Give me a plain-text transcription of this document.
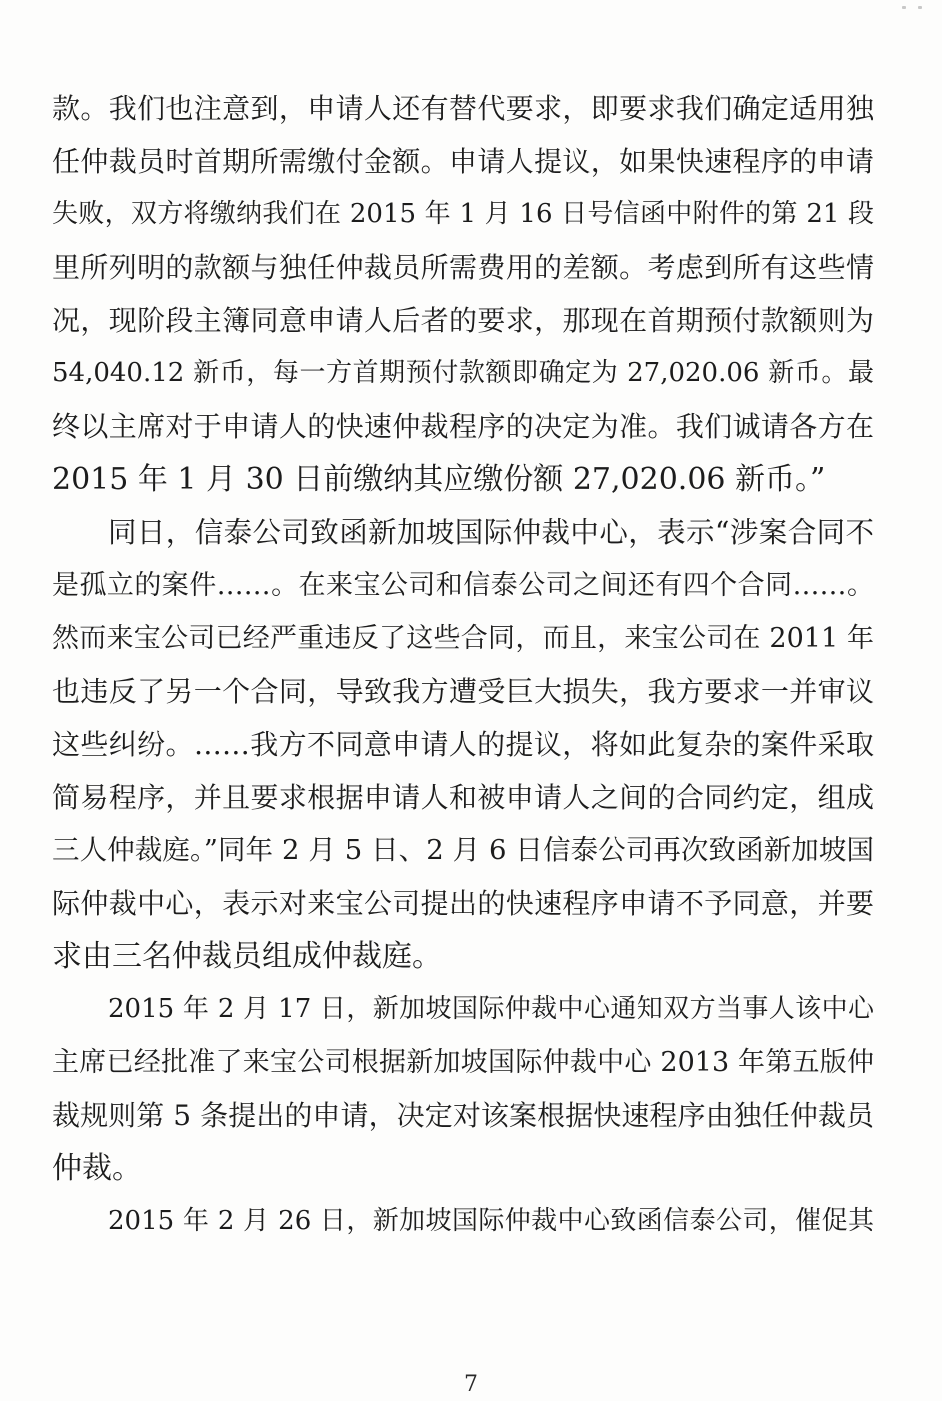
款。我们也注意到，申请人还有替代要求，即要求我们确定适用独
任仲裁员时首期所需缴付金额。申请人提议，如果快速程序的申请
失败，双方将缴纳我们在 2015 年 1 月 16 日号信函中附件的第 21 段
里所列明的款额与独任仲裁员所需费用的差额。考虑到所有这些情
况，现阶段主簿同意申请人后者的要求，那现在首期预付款额则为
54,040.12 新币，每一方首期预付款额即确定为 27,020.06 新币。最
终以主席对于申请人的快速仲裁程序的决定为准。我们诚请各方在
2015 年 1 月 30 日前缴纳其应缴份额 27,020.06 新币。”
同日，信泰公司致函新加坡国际仲裁中心，表示“涉案合同不
是孤立的案件……。在来宝公司和信泰公司之间还有四个合同……。
然而来宝公司已经严重违反了这些合同，而且，来宝公司在 2011 年
也违反了另一个合同，导致我方遭受巨大损失，我方要求一并审议
这些纠纷。……我方不同意申请人的提议，将如此复杂的案件采取
简易程序，并且要求根据申请人和被申请人之间的合同约定，组成
三人仲裁庭。”同年 2 月 5 日、2 月 6 日信泰公司再次致函新加坡国
际仲裁中心，表示对来宝公司提出的快速程序申请不予同意，并要
求由三名仲裁员组成仲裁庭。
2015 年 2 月 17 日，新加坡国际仲裁中心通知双方当事人该中心
主席已经批准了来宝公司根据新加坡国际仲裁中心 2013 年第五版仲
裁规则第 5 条提出的申请，决定对该案根据快速程序由独任仲裁员
仲裁。
2015 年 2 月 26 日，新加坡国际仲裁中心致函信泰公司，催促其
7
